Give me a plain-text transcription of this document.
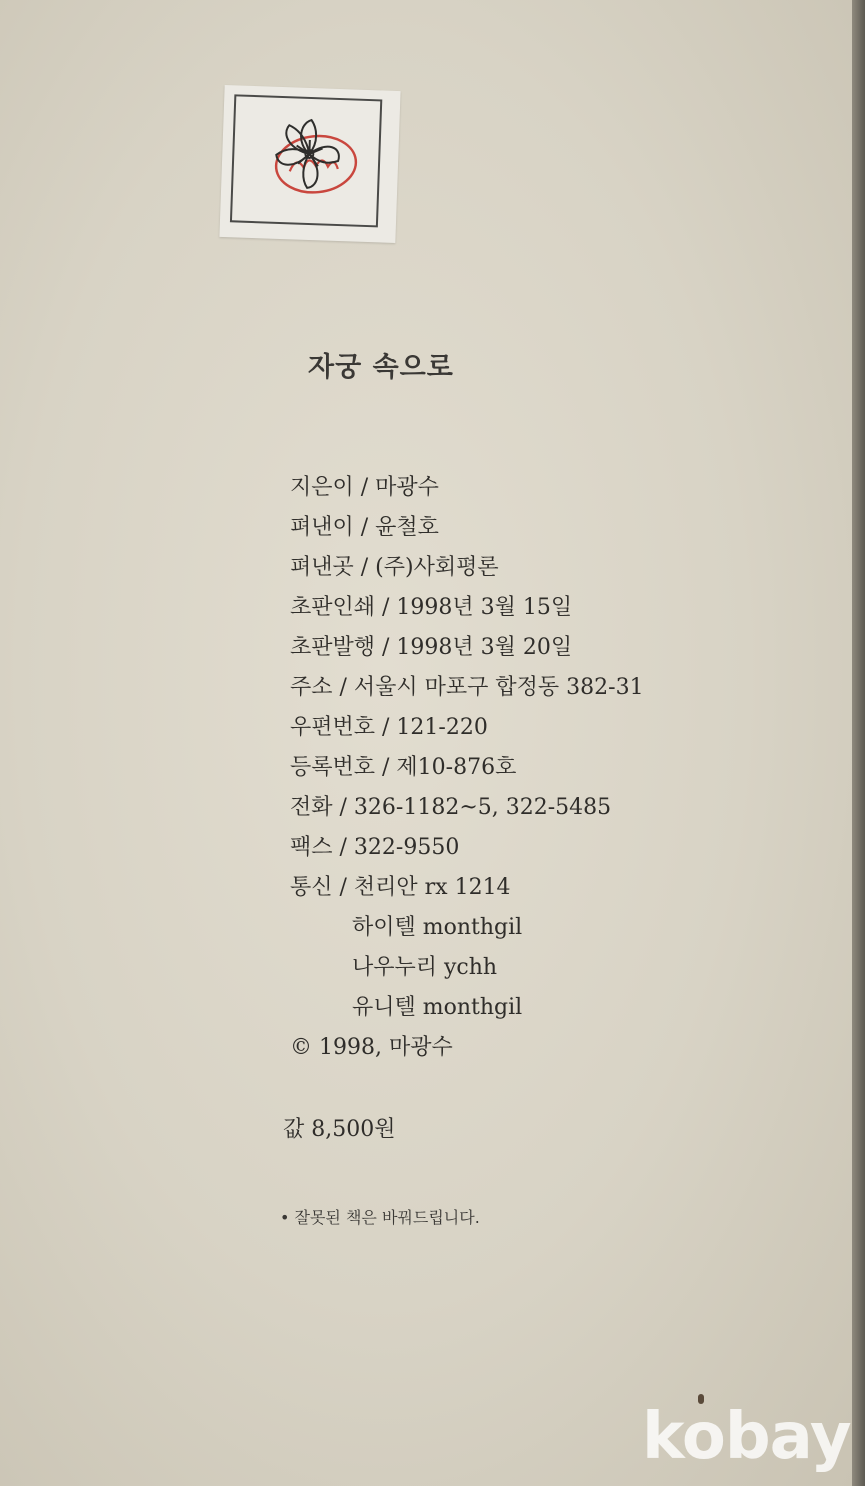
자궁 속으로
지은이 / 마광수
펴낸이 / 윤철호
펴낸곳 / (주)사회평론
초판인쇄 / 1998년 3월 15일
초판발행 / 1998년 3월 20일
주소 / 서울시 마포구 합정동 382-31
우편번호 / 121-220
등록번호 / 제10-876호
전화 / 326-1182~5, 322-5485
팩스 / 322-9550
통신 / 천리안 rx 1214
하이텔 monthgil
나우누리 ychh
유니텔 monthgil
© 1998, 마광수
값 8,500원
• 잘못된 책은 바꿔드립니다.
kobay
